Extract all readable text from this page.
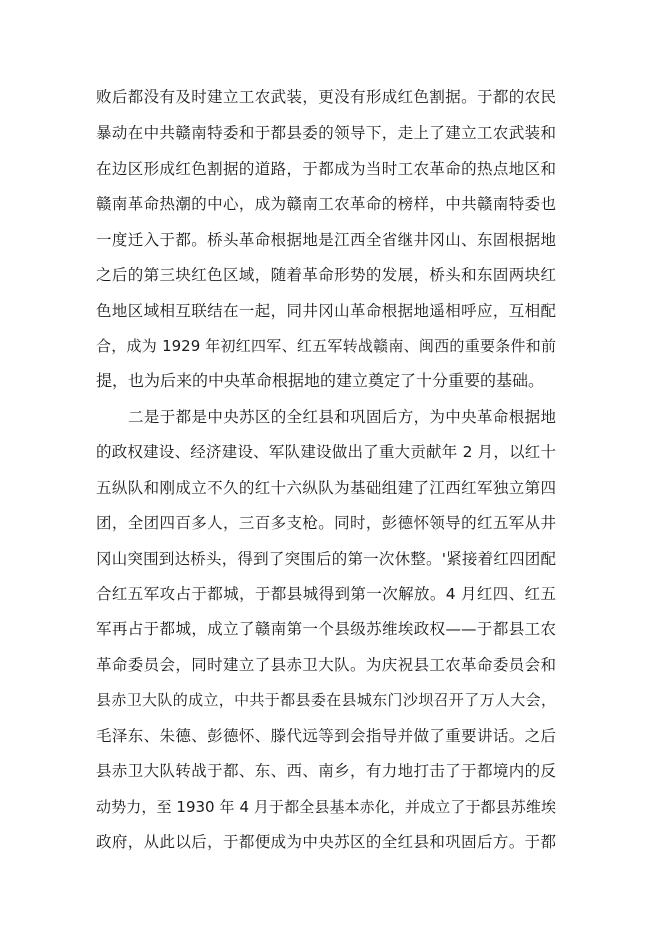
败后都没有及时建立工农武装，更没有形成红色割据。于都的农民
暴动在中共赣南特委和于都县委的领导下，走上了建立工农武装和
在边区形成红色割据的道路，于都成为当时工农革命的热点地区和
赣南革命热潮的中心，成为赣南工农革命的榜样，中共赣南特委也
一度迁入于都。桥头革命根据地是江西全省继井冈山、东固根据地
之后的第三块红色区域，随着革命形势的发展，桥头和东固两块红
色地区域相互联结在一起，同井冈山革命根据地遥相呼应，互相配
合，成为 1929 年初红四军、红五军转战赣南、闽西的重要条件和前
提，也为后来的中央革命根据地的建立奠定了十分重要的基础。
二是于都是中央苏区的全红县和巩固后方，为中央革命根据地
的政权建设、经济建设、军队建设做出了重大贡献年 2 月，以红十
五纵队和刚成立不久的红十六纵队为基础组建了江西红军独立第四
团，全团四百多人，三百多支枪。同时，彭德怀领导的红五军从井
冈山突围到达桥头，得到了突围后的第一次休整。'紧接着红四团配
合红五军攻占于都城，于都县城得到第一次解放。4 月红四、红五
军再占于都城，成立了赣南第一个县级苏维埃政权——于都县工农
革命委员会，同时建立了县赤卫大队。为庆祝县工农革命委员会和
县赤卫大队的成立，中共于都县委在县城东门沙坝召开了万人大会，
毛泽东、朱德、彭德怀、滕代远等到会指导并做了重要讲话。之后
县赤卫大队转战于都、东、西、南乡，有力地打击了于都境内的反
动势力，至 1930 年 4 月于都全县基本赤化，并成立了于都县苏维埃
政府，从此以后，于都便成为中央苏区的全红县和巩固后方。于都
